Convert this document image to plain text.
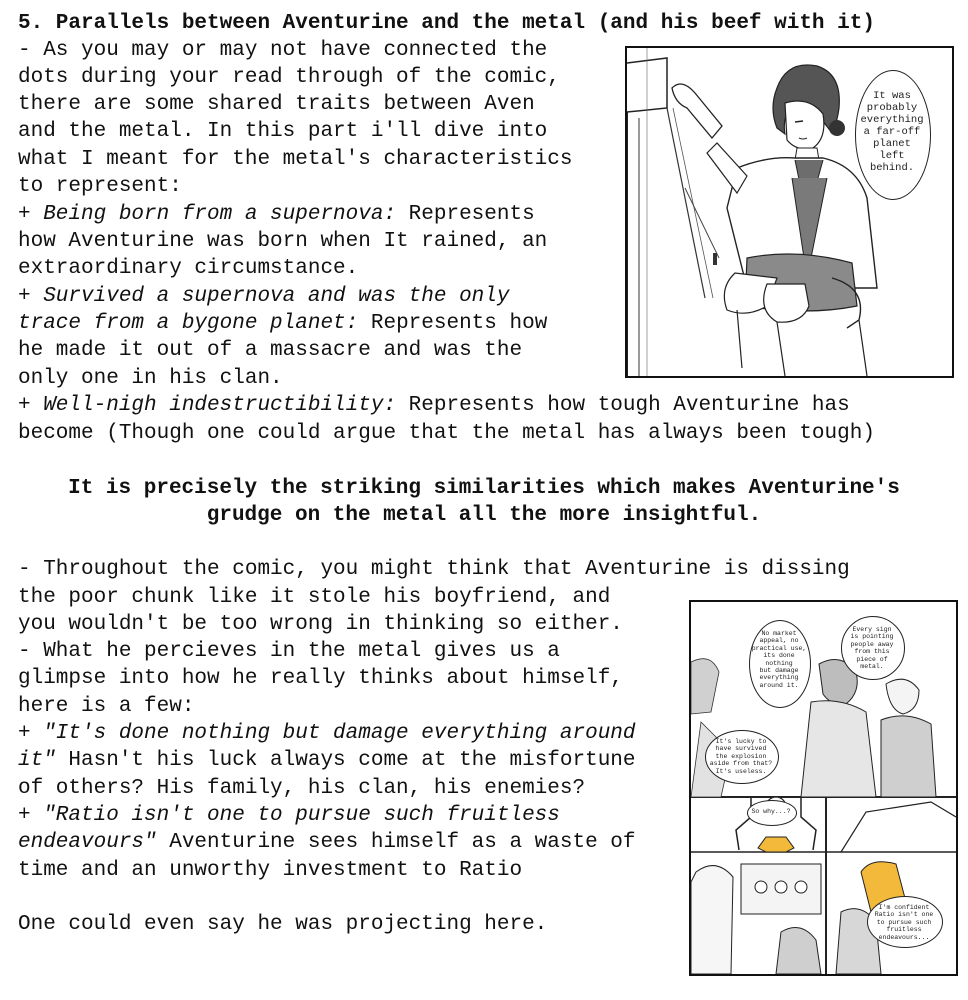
5. Parallels between Aventurine and the metal (and his beef with it)
- As you may or may not have connected the
dots during your read through of the comic,
there are some shared traits between Aven
and the metal. In this part i'll dive into
what I meant for the metal's characteristics
to represent:
+ Being born from a supernova: Represents
how Aventurine was born when It rained, an
extraordinary circumstance.
+ Survived a supernova and was the only
trace from a bygone planet: Represents how
he made it out of a massacre and was the
only one in his clan.
+ Well-nigh indestructibility: Represents how tough Aventurine has
become (Though one could argue that the metal has always been tough)
It is precisely the striking similarities which makes Aventurine's
grudge on the metal all the more insightful.
- Throughout the comic, you might think that Aventurine is dissing
the poor chunk like it stole his boyfriend, and
you wouldn't be too wrong in thinking so either.
- What he percieves in the metal gives us a
glimpse into how he really thinks about himself,
here is a few:
+ "It's done nothing but damage everything around
it" Hasn't his luck always come at the misfortune
of others? His family, his clan, his enemies?
+ "Ratio isn't one to pursue such fruitless
endeavours" Aventurine sees himself as a waste of
time and an unworthy investment to Ratio
One could even say he was projecting here.
It was
probably
everything
a far-off
planet
left
behind.
No market
appeal, no
practical use,
its done
nothing
but damage
everything
around it.
Every sign
is pointing
people away
from this
piece of
metal.
It's lucky to
have survived
the explosion
aside from that?
It's useless.
So why...?
I'm confident
Ratio isn't one
to pursue such
fruitless
endeavours...
